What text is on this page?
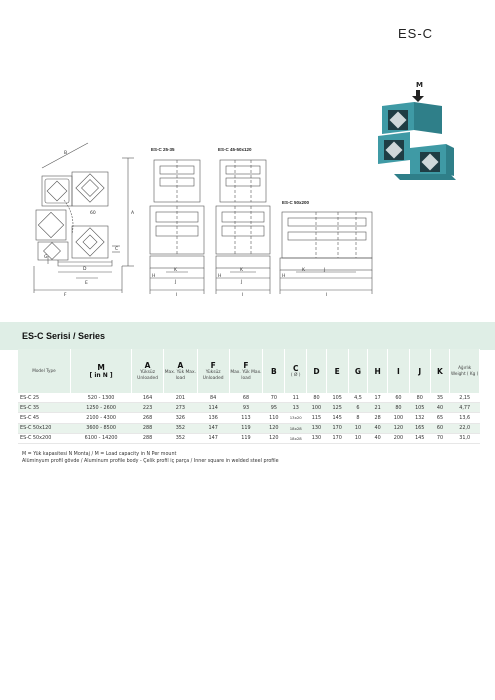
ES-C
B
A
60
C
G
D
E
F
ES-C 25-35
H
K
J
I
ES-C 45-50x120
H
K
J
I
ES-C 50x200
H
K	J
I
M
ES-C Serisi / Series
Model Type	M
[ in N ]	A
Yüksüz Unloaded	A
Max. Yük Max. load	F
Yüksüz Unloaded	F
Max. Yük Max. load	B	C
( Ø )	D	E	G	H	I	J	K	Ağırlık Weight ( Kg )
ES-C 25	520 - 1300	164	201	84	68	70	11	80	105	4,5	17	60	80	35	2,15
ES-C 35	1250 - 2600	223	273	114	93	95	13	100	125	6	21	80	105	40	4,77
ES-C 45	2100 - 4300	268	326	136	113	110	13x20	115	145	8	28	100	132	65	13,6
ES-C 50x120	3600 - 8500	288	352	147	119	120	18x28	130	170	10	40	120	165	60	22,0
ES-C 50x200	6100 - 14200	288	352	147	119	120	18x28	130	170	10	40	200	145	70	31,0
M = Yük kapasitesi N Montaj / M = Load capacity in N Per mount
Alüminyum profil gövde / Aluminum profile body - Çelik profil iç parça / Inner square in welded steel profile
